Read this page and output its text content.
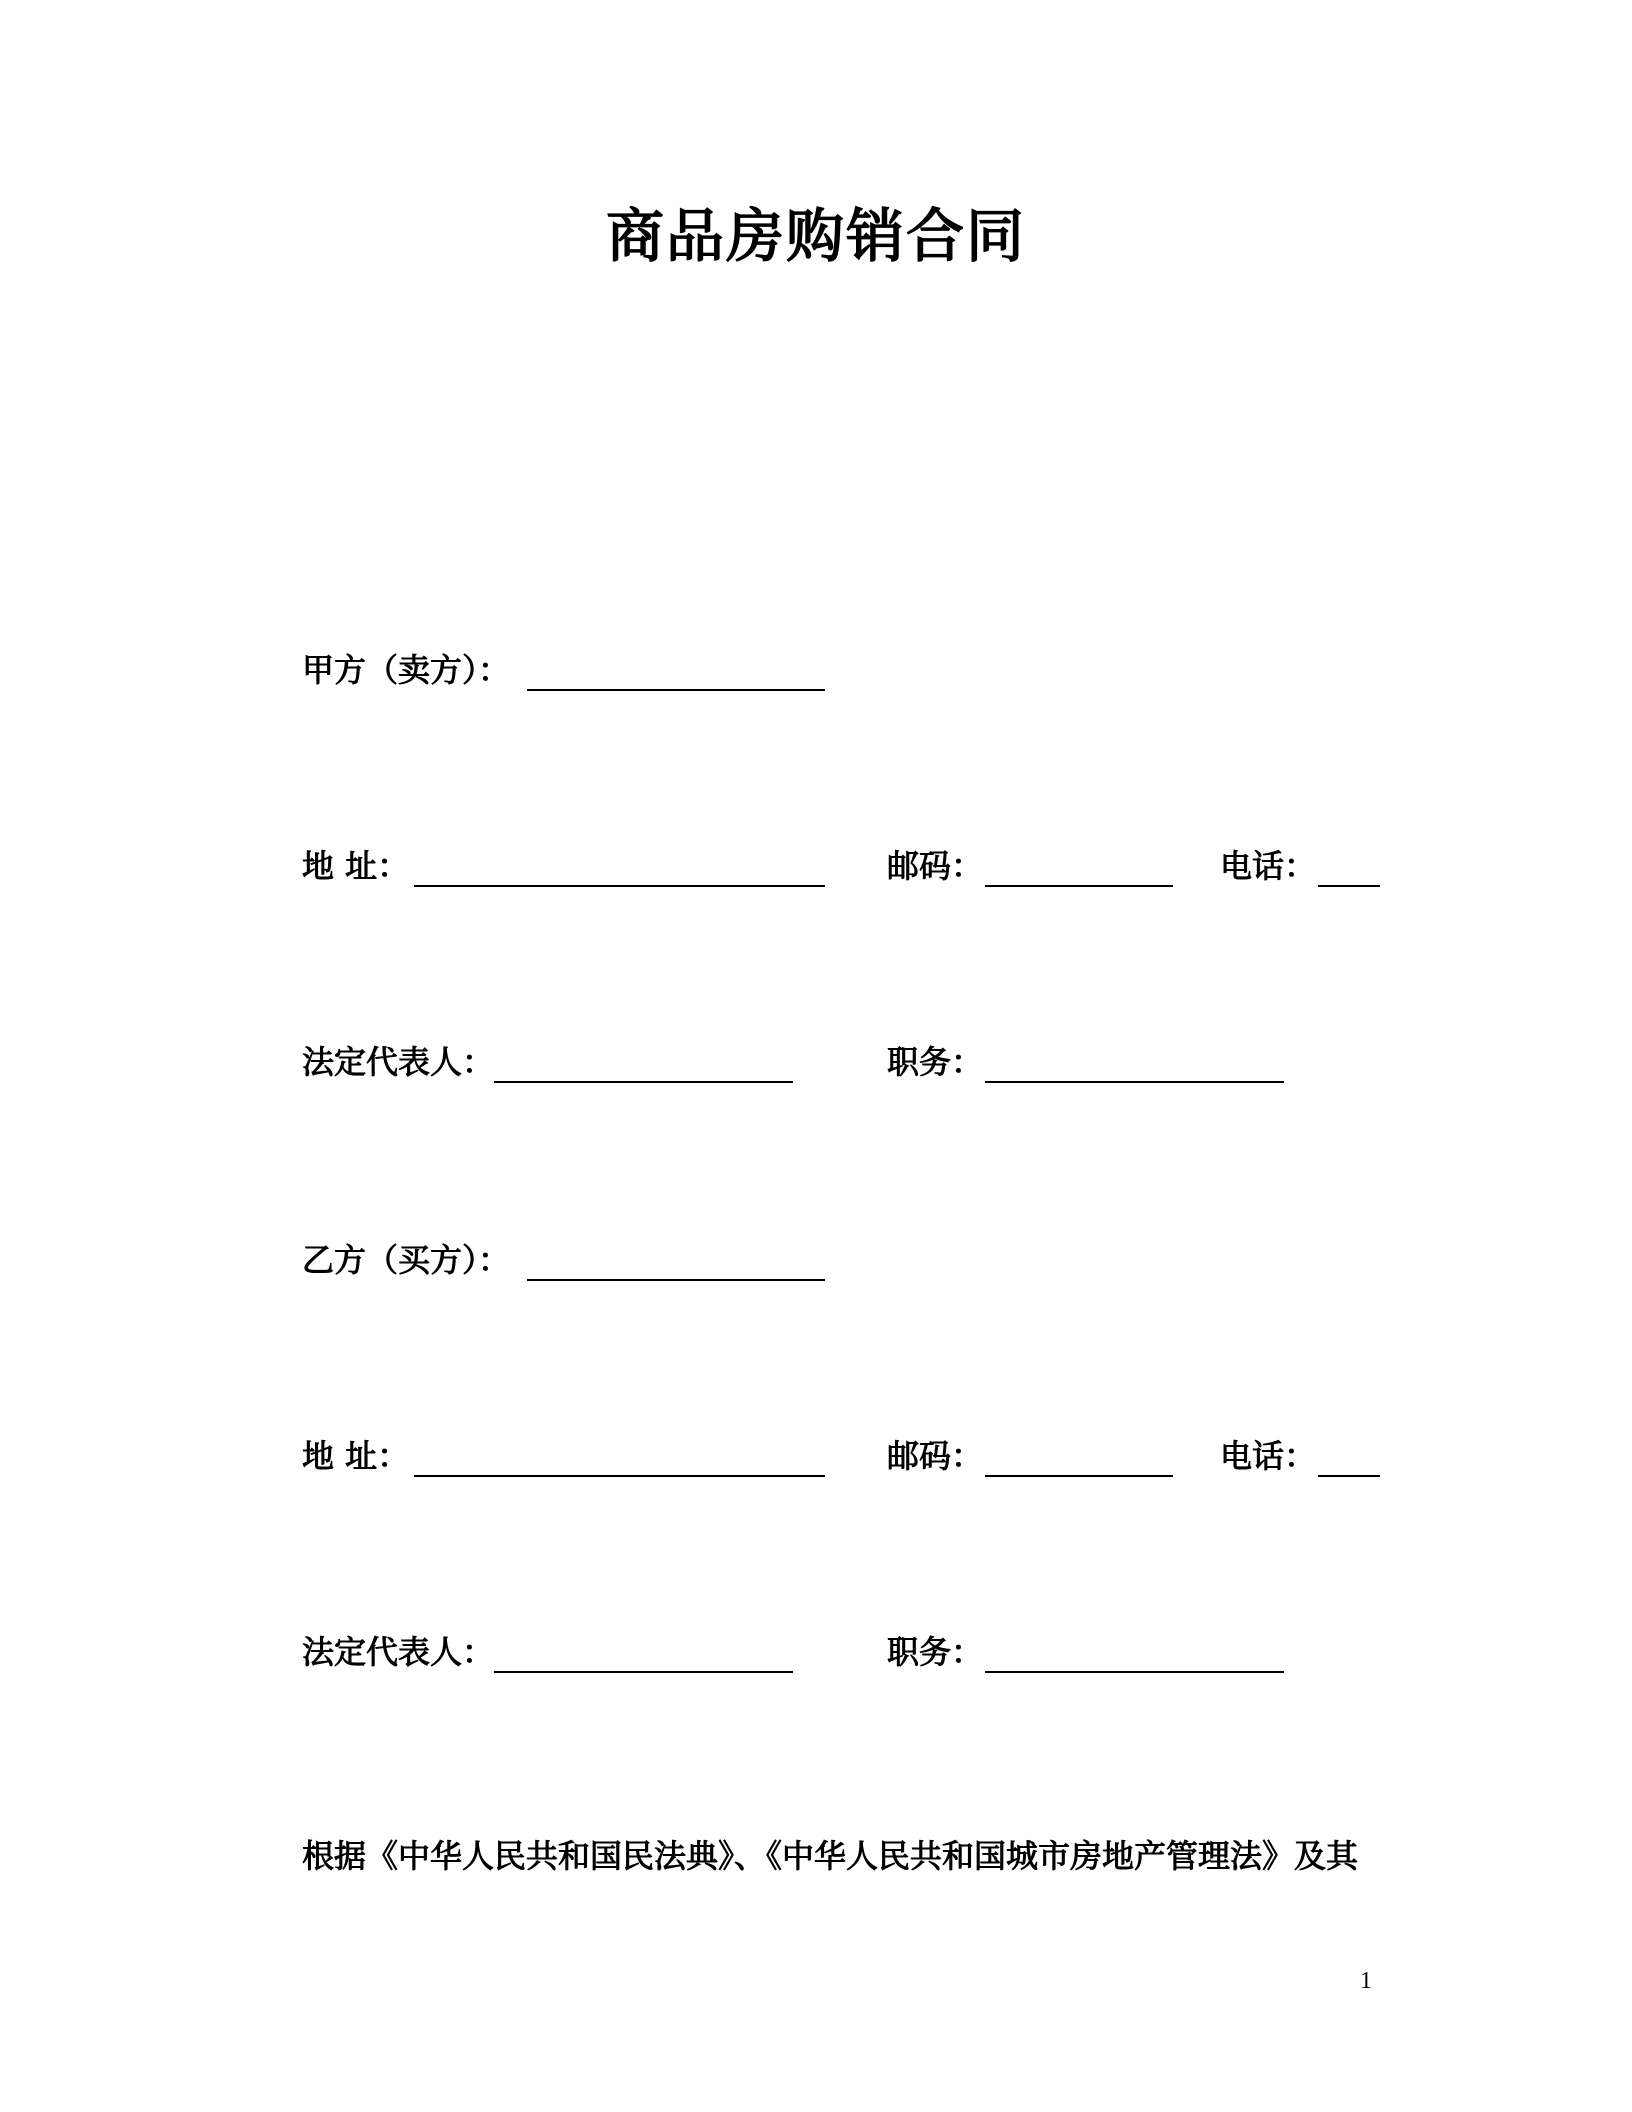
商品房购销合同
甲方（卖方）：
地 址：	邮码：	电话：
法定代表人：	职务：
乙方（买方）：
地 址：	邮码：	电话：
法定代表人：	职务：
根据《中华人民共和国民法典》、《中华人民共和国城市房地产管理法》及其
1
